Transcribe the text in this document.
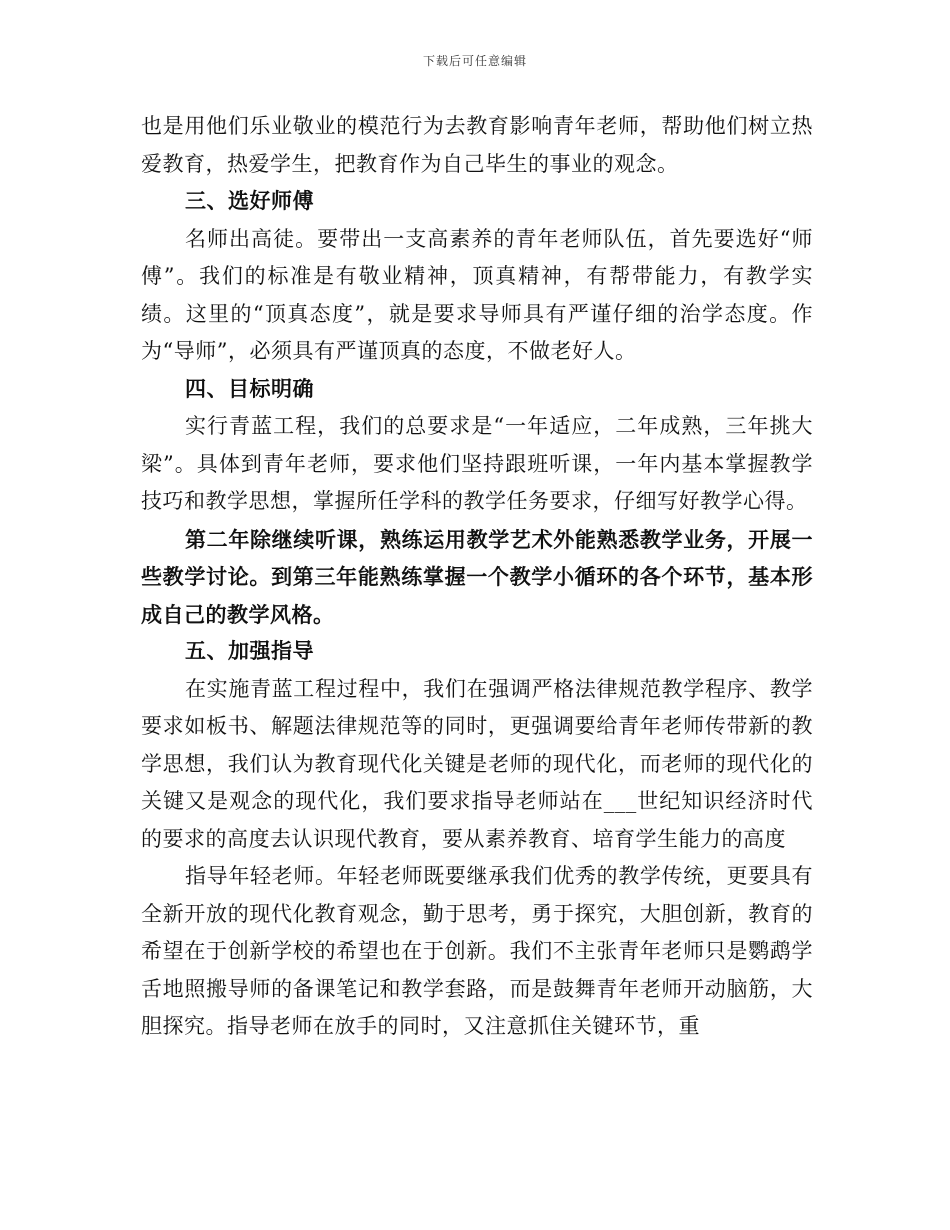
下载后可任意编辑

也是用他们乐业敬业的模范行为去教育影响青年老师，帮助他们树立热爱教育，热爱学生，把教育作为自己毕生的事业的观念。

三、选好师傅

名师出高徒。要带出一支高素养的青年老师队伍，首先要选好“师傅”。我们的标准是有敬业精神，顶真精神，有帮带能力，有教学实绩。这里的“顶真态度”，就是要求导师具有严谨仔细的治学态度。作为“导师”，必须具有严谨顶真的态度，不做老好人。

四、目标明确

实行青蓝工程，我们的总要求是“一年适应，二年成熟，三年挑大梁”。具体到青年老师，要求他们坚持跟班听课，一年内基本掌握教学技巧和教学思想，掌握所任学科的教学任务要求，仔细写好教学心得。

第二年除继续听课，熟练运用教学艺术外能熟悉教学业务，开展一些教学讨论。到第三年能熟练掌握一个教学小循环的各个环节，基本形成自己的教学风格。

五、加强指导

在实施青蓝工程过程中，我们在强调严格法律规范教学程序、教学要求如板书、解题法律规范等的同时，更强调要给青年老师传带新的教学思想，我们认为教育现代化关键是老师的现代化，而老师的现代化的关键又是观念的现代化，我们要求指导老师站在___世纪知识经济时代的要求的高度去认识现代教育，要从素养教育、培育学生能力的高度

指导年轻老师。年轻老师既要继承我们优秀的教学传统，更要具有全新开放的现代化教育观念，勤于思考，勇于探究，大胆创新，教育的希望在于创新学校的希望也在于创新。我们不主张青年老师只是鹦鹉学舌地照搬导师的备课笔记和教学套路，而是鼓舞青年老师开动脑筋，大胆探究。指导老师在放手的同时，又注意抓住关键环节，重
